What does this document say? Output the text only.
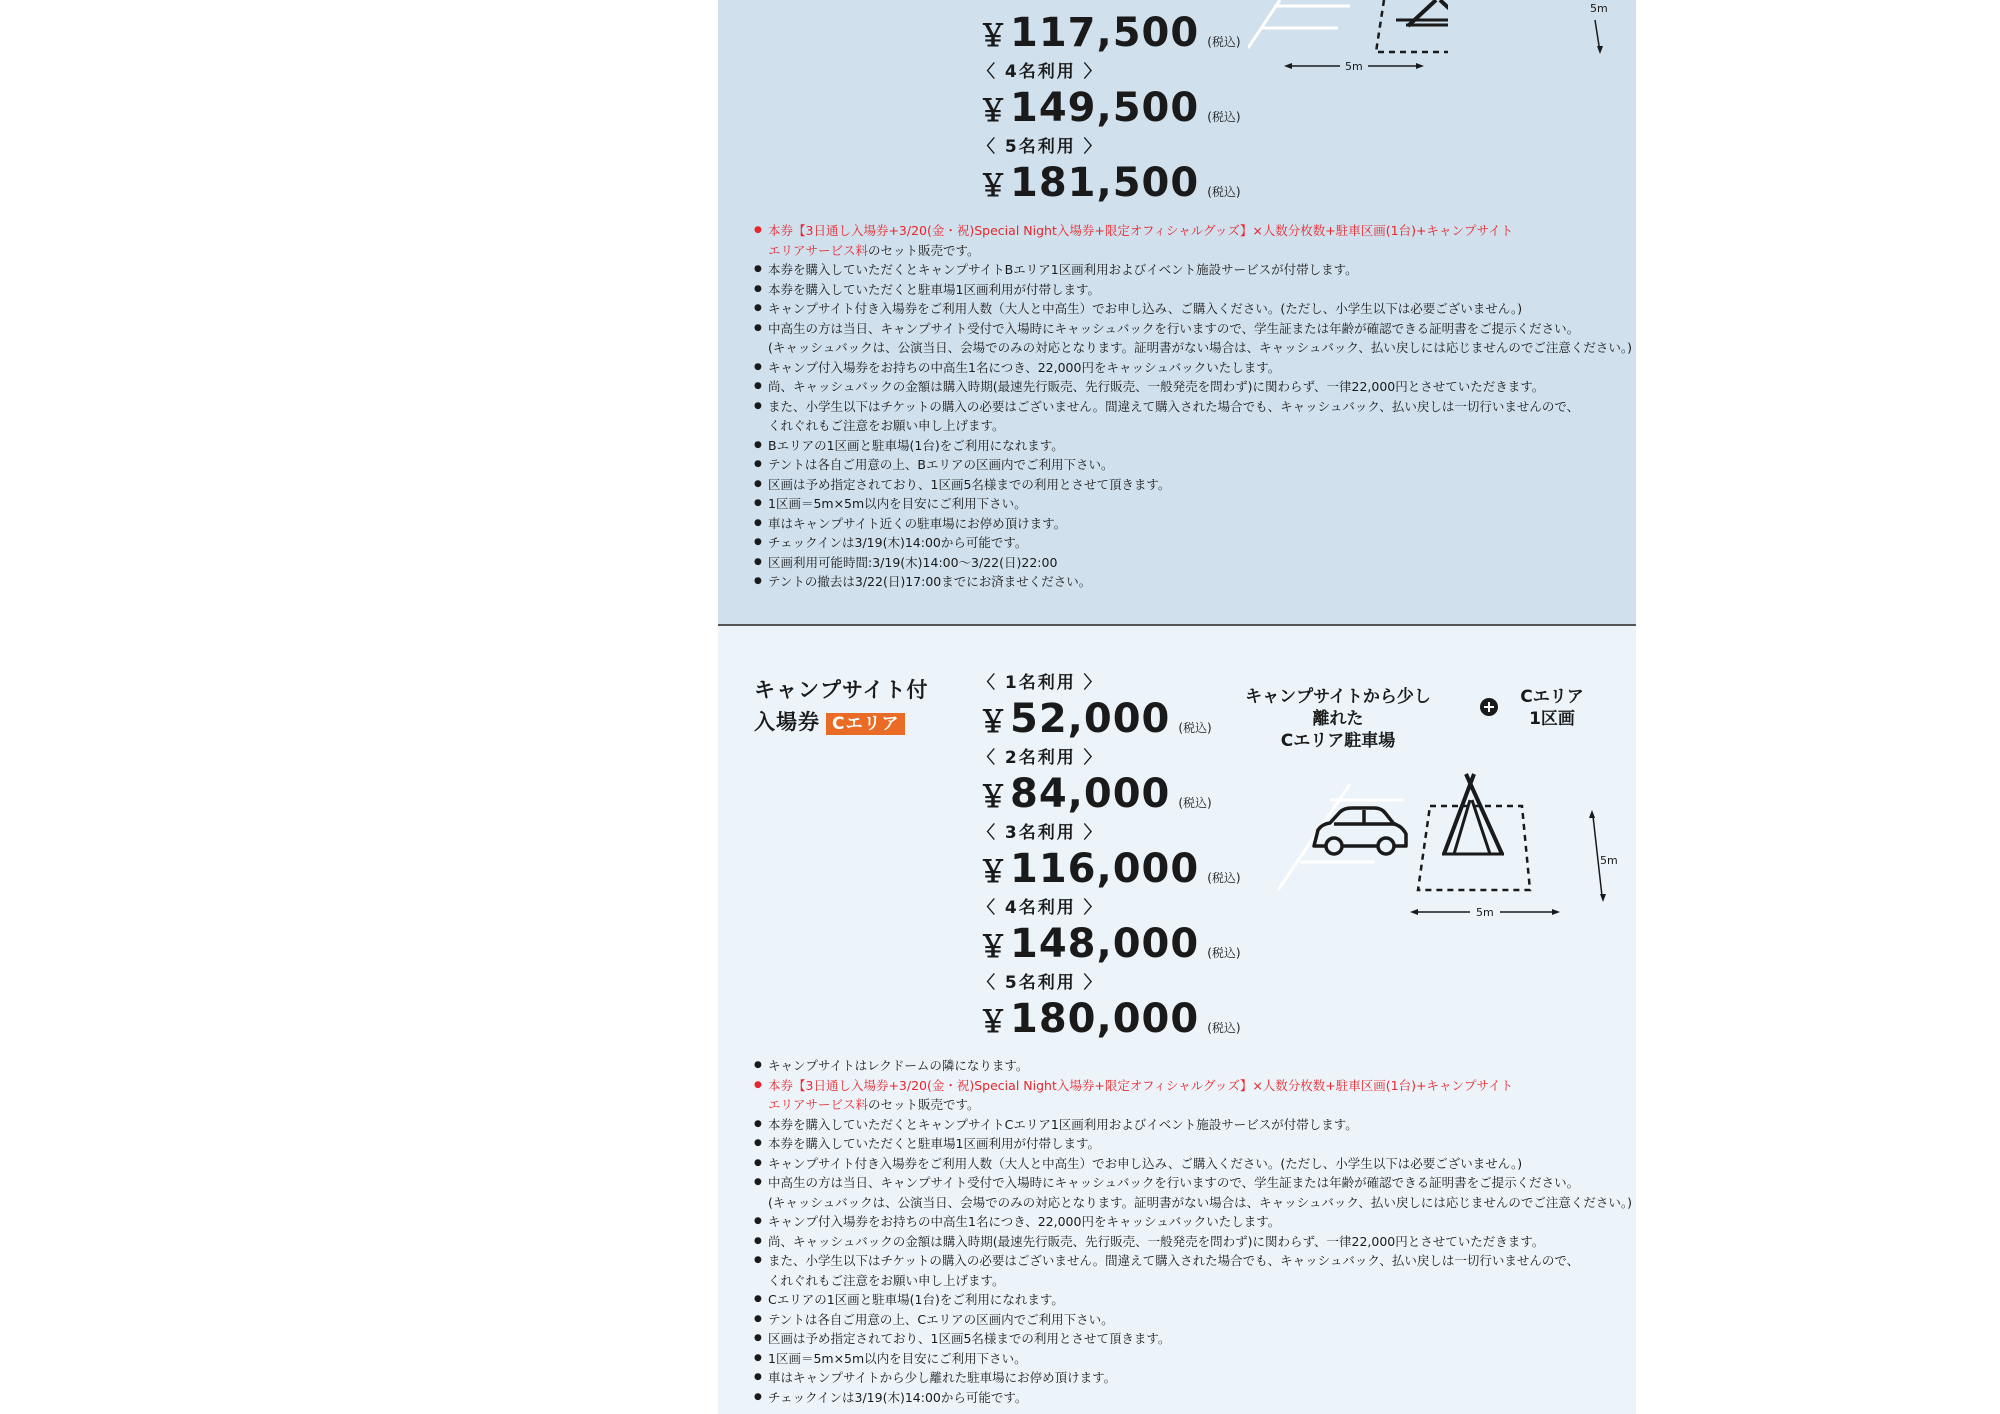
￥117,500 (税込)
〈 4名利用 〉
￥149,500 (税込)
〈 5名利用 〉
￥181,500 (税込)
5m
5m
● 本券【3日通し入場券+3/20(金・祝)Special Night入場券+限定オフィシャルグッズ】×人数分枚数+駐車区画(1台)+キャンプサイト
エリアサービス料のセット販売です。
● 本券を購入していただくとキャンプサイトBエリア1区画利用およびイベント施設サービスが付帯します。
● 本券を購入していただくと駐車場1区画利用が付帯します。
● キャンプサイト付き入場券をご利用人数（大人と中高生）でお申し込み、ご購入ください。(ただし、小学生以下は必要ございません。)
● 中高生の方は当日、キャンプサイト受付で入場時にキャッシュバックを行いますので、学生証または年齢が確認できる証明書をご提示ください。
(キャッシュバックは、公演当日、会場でのみの対応となります。証明書がない場合は、キャッシュバック、払い戻しには応じませんのでご注意ください。)
● キャンプ付入場券をお持ちの中高生1名につき、22,000円をキャッシュバックいたします。
● 尚、キャッシュバックの金額は購入時期(最速先行販売、先行販売、一般発売を問わず)に関わらず、一律22,000円とさせていただきます。
● また、小学生以下はチケットの購入の必要はございません。間違えて購入された場合でも、キャッシュバック、払い戻しは一切行いませんので、
くれぐれもご注意をお願い申し上げます。
● Bエリアの1区画と駐車場(1台)をご利用になれます。
● テントは各自ご用意の上、Bエリアの区画内でご利用下さい。
● 区画は予め指定されており、1区画5名様までの利用とさせて頂きます。
● 1区画＝5m×5m以内を目安にご利用下さい。
● 車はキャンプサイト近くの駐車場にお停め頂けます。
● チェックインは3/19(木)14:00から可能です。
● 区画利用可能時間:3/19(木)14:00〜3/22(日)22:00
● テントの撤去は3/22(日)17:00までにお済ませください。
キャンプサイト付
入場券 Cエリア
〈 1名利用 〉
￥52,000 (税込)
〈 2名利用 〉
￥84,000 (税込)
〈 3名利用 〉
￥116,000 (税込)
〈 4名利用 〉
￥148,000 (税込)
〈 5名利用 〉
￥180,000 (税込)
キャンプサイトから少し離れた
Cエリア駐車場
Cエリア
1区画
5m
5m
● キャンプサイトはレクドームの隣になります。
● 本券【3日通し入場券+3/20(金・祝)Special Night入場券+限定オフィシャルグッズ】×人数分枚数+駐車区画(1台)+キャンプサイト
エリアサービス料のセット販売です。
● 本券を購入していただくとキャンプサイトCエリア1区画利用およびイベント施設サービスが付帯します。
● 本券を購入していただくと駐車場1区画利用が付帯します。
● キャンプサイト付き入場券をご利用人数（大人と中高生）でお申し込み、ご購入ください。(ただし、小学生以下は必要ございません。)
● 中高生の方は当日、キャンプサイト受付で入場時にキャッシュバックを行いますので、学生証または年齢が確認できる証明書をご提示ください。
(キャッシュバックは、公演当日、会場でのみの対応となります。証明書がない場合は、キャッシュバック、払い戻しには応じませんのでご注意ください。)
● キャンプ付入場券をお持ちの中高生1名につき、22,000円をキャッシュバックいたします。
● 尚、キャッシュバックの金額は購入時期(最速先行販売、先行販売、一般発売を問わず)に関わらず、一律22,000円とさせていただきます。
● また、小学生以下はチケットの購入の必要はございません。間違えて購入された場合でも、キャッシュバック、払い戻しは一切行いませんので、
くれぐれもご注意をお願い申し上げます。
● Cエリアの1区画と駐車場(1台)をご利用になれます。
● テントは各自ご用意の上、Cエリアの区画内でご利用下さい。
● 区画は予め指定されており、1区画5名様までの利用とさせて頂きます。
● 1区画＝5m×5m以内を目安にご利用下さい。
● 車はキャンプサイトから少し離れた駐車場にお停め頂けます。
● チェックインは3/19(木)14:00から可能です。
